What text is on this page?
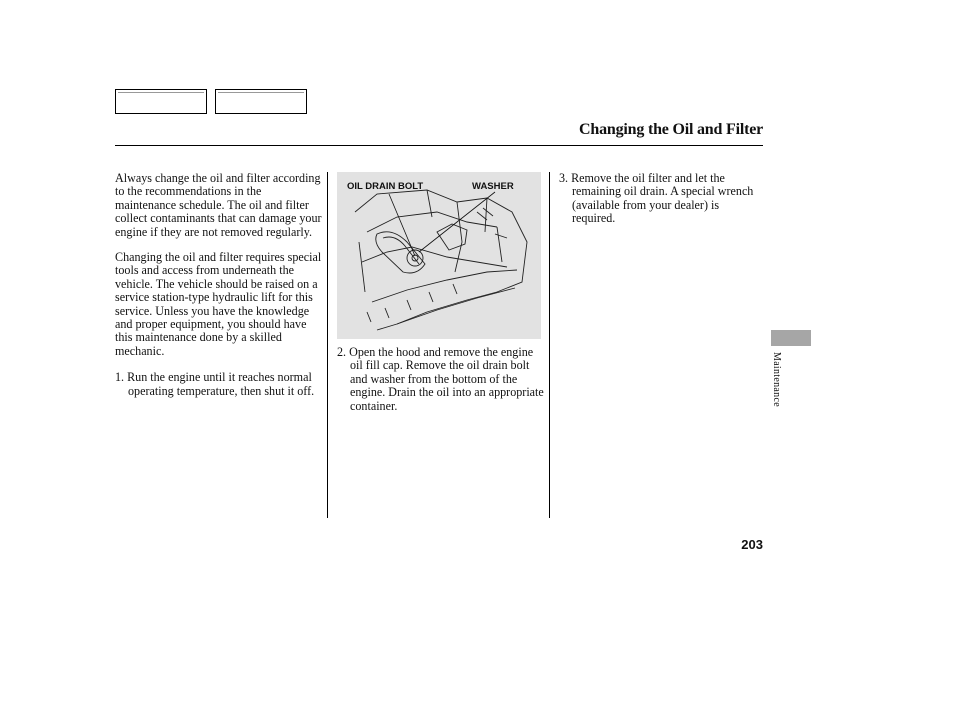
Changing the Oil and Filter

Always change the oil and filter according to the recommendations in the maintenance schedule. The oil and filter collect contaminants that can damage your engine if they are not removed regularly.

Changing the oil and filter requires special tools and access from underneath the vehicle. The vehicle should be raised on a service station-type hydraulic lift for this service. Unless you have the knowledge and proper equipment, you should have this maintenance done by a skilled mechanic.

1. Run the engine until it reaches normal operating temperature, then shut it off.

OIL DRAIN BOLT	WASHER

2. Open the hood and remove the engine oil fill cap. Remove the oil drain bolt and washer from the bottom of the engine. Drain the oil into an appropriate container.

3. Remove the oil filter and let the remaining oil drain. A special wrench (available from your dealer) is required.

Maintenance
203
